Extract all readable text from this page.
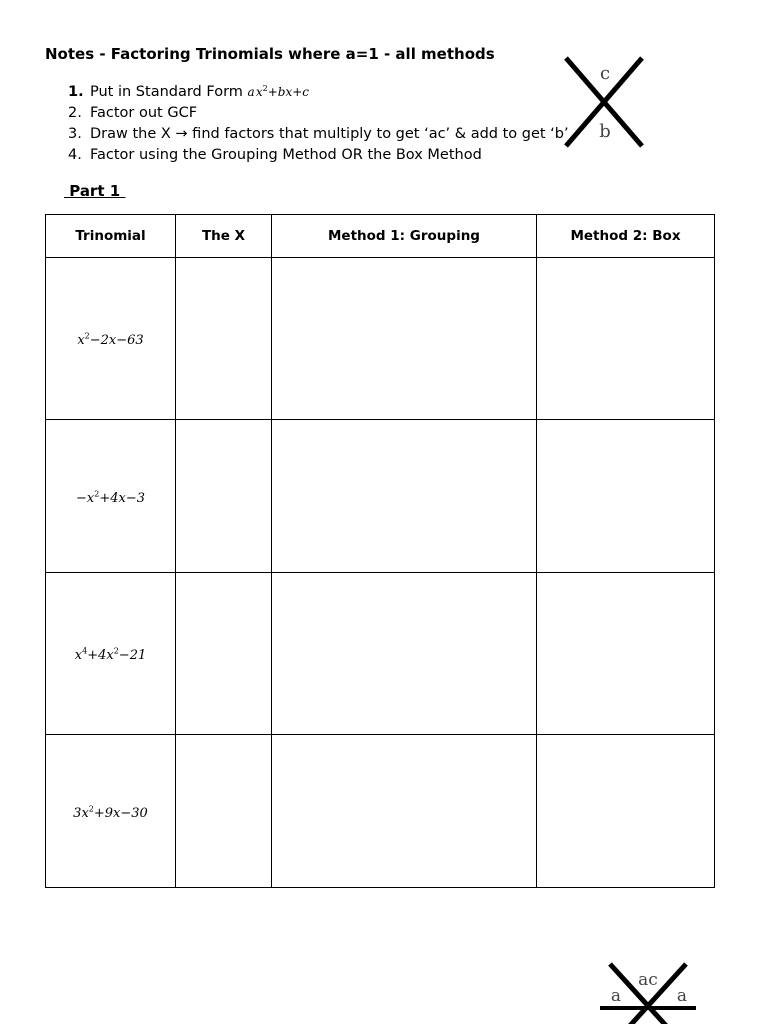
Notes - Factoring Trinomials where a=1 - all methods
1. Put in Standard Form a $x^2+bx+c$
2. Factor out GCF
3. Draw the X → find factors that multiply to get ‘ac’ & add to get ‘b’
4. Factor using the Grouping Method OR the Box Method
c
b
Part 1
Trinomial	The X	Method 1: Grouping	Method 2: Box
$x^2-2x-63$			
$-x^2+4x-3$			
$x^4+4x^2-21$			
$3x^2+9x-30$			
ac
a	a
